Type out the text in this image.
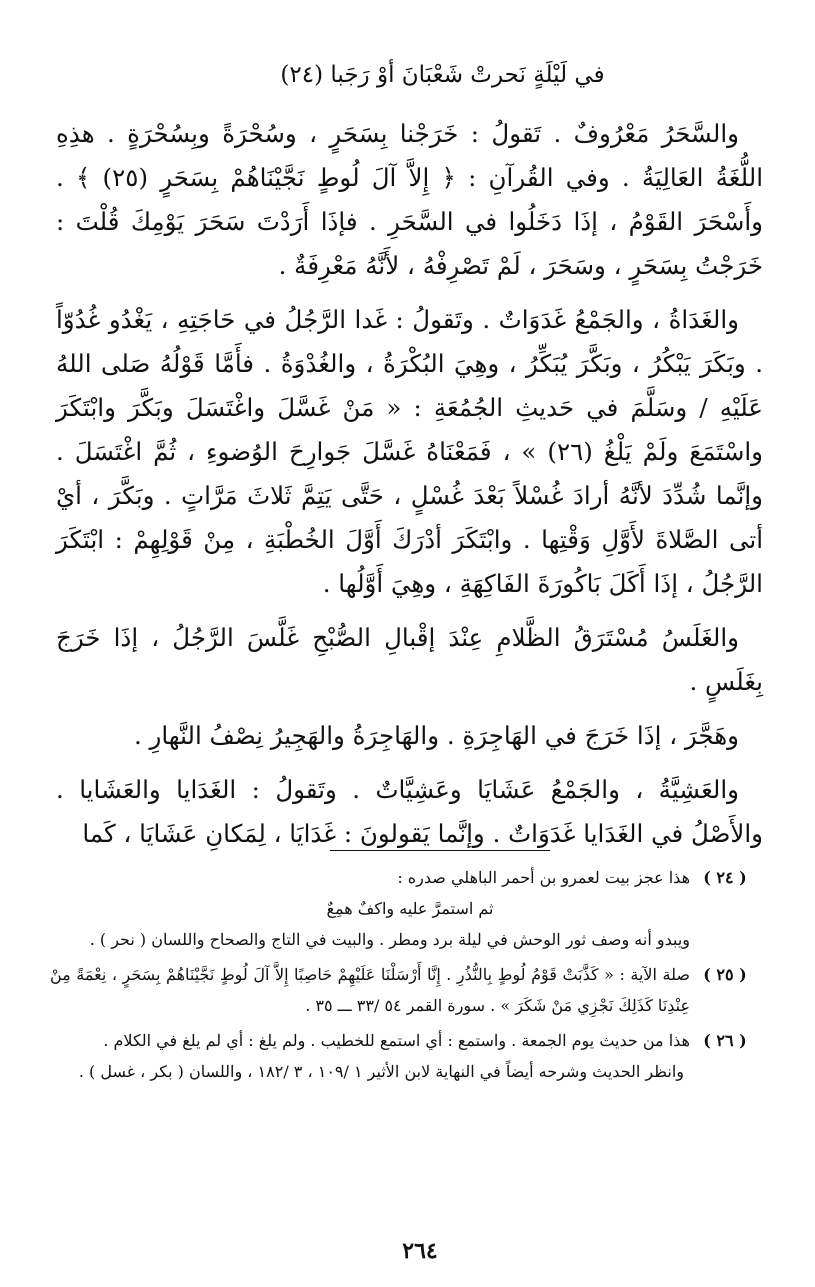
في لَيْلَةٍ نَحرتْ شَعْبَانَ أوْ رَجَبا (٢٤)

والسَّحَرُ مَعْرُوفٌ . تَقولُ : خَرَجْنا بِسَحَرٍ ، وسُحْرَةً وبِسُحْرَةٍ . هذِهِ اللُّغَةُ العَالِيَةُ . وفي القُرآنِ : ﴿ إِلاَّ آلَ لُوطٍ نَجَّيْنَاهُمْ بِسَحَرٍ (٢٥) ﴾ . وأَسْحَرَ القَوْمُ ، إذَا دَخَلُوا في السَّحَرِ . فإذَا أَرَدْتَ سَحَرَ يَوْمِكَ قُلْتَ : خَرَجْتُ بِسَحَرٍ ، وسَحَرَ ، لَمْ تَصْرِفْهُ ، لأَنَّهُ مَعْرِفَةٌ .

والغَدَاةُ ، والجَمْعُ غَدَوَاتٌ . وتَقولُ : غَدا الرَّجُلُ في حَاجَتِهِ ، يَغْدُو غُدُوّاً . وبَكَرَ يَبْكُرُ ، وبَكَّرَ يُبَكِّرُ ، وهِيَ البُكْرَةُ ، والغُدْوَةُ . فأَمَّا قَوْلُهُ صَلى اللهُ عَلَيْهِ / وسَلَّمَ في حَديثِ الجُمُعَةِ : « مَنْ غَسَّلَ واغْتَسَلَ وبَكَّرَ وابْتَكَرَ واسْتَمَعَ ولَمْ يَلْغُ (٢٦) » ، فَمَعْنَاهُ غَسَّلَ جَوارِحَ الوُضوءِ ، ثُمَّ اغْتَسَلَ . وإنَّما شُدِّدَ لأنَّهُ أرادَ غُسْلاً بَعْدَ غُسْلٍ ، حَتَّى يَتِمَّ ثَلاثَ مَرَّاتٍ . وبَكَّرَ ، أيْ أتى الصَّلاةَ لأَوَّلِ وَقْتِها . وابْتَكَرَ أدْرَكَ أَوَّلَ الخُطْبَةِ ، مِنْ قَوْلِهِمْ : ابْتَكَرَ الرَّجُلُ ، إذَا أَكَلَ بَاكُورَةَ الفَاكِهَةِ ، وهِيَ أَوَّلُها .

والغَلَسُ مُسْتَرَقُ الظَّلامِ عِنْدَ إقْبالِ الصُّبْحِ غَلَّسَ الرَّجُلُ ، إذَا خَرَجَ بِغَلَسٍ .

وهَجَّرَ ، إذَا خَرَجَ في الهَاجِرَةِ . والهَاجِرَةُ والهَجِيرُ نِصْفُ النَّهارِ .

والعَشِيَّةُ ، والجَمْعُ عَشَايَا وعَشِيَّاتٌ . وتَقولُ : الغَدَايا والعَشَايا . والأَصْلُ في الغَدَايا غَدَوَاتٌ . وإنَّما يَقولونَ : غَدَايَا ، لِمَكانِ عَشَايَا ، كَما

( ٢٤ )
هذا عجز بيت لعمرو بن أحمر الباهلي صدره :
ثم استمرَّ عليه واكفٌ همِعٌ
ويبدو أنه وصف ثور الوحش في ليلة برد ومطر . والبيت في التاج والصحاح واللسان ( نحر ) .
( ٢٥ )
صلة الآية : « كَذَّبَتْ قَوْمُ لُوطٍ بِالنُّذُرِ . إِنَّا أَرْسَلْنَا عَلَيْهِمْ حَاصِبًا إِلاَّ آلَ لُوطٍ نَجَّيْنَاهُمْ بِسَحَرٍ ، نِعْمَةً مِنْ عِنْدِنَا كَذَلِكَ نَجْزِي مَنْ شَكَرَ » . سورة القمر ٥٤ /٣٣ ـــ ٣٥ .
( ٢٦ )
هذا من حديث يوم الجمعة . واستمع : أي استمع للخطيب . ولم يلغ : أي لم يلغ في الكلام .
وانظر الحديث وشرحه أيضاً في النهاية لابن الأثير ١ /١٠٩ ، ٣ /١٨٢ ، واللسان ( بكر ، غسل ) .
٢٦٤
